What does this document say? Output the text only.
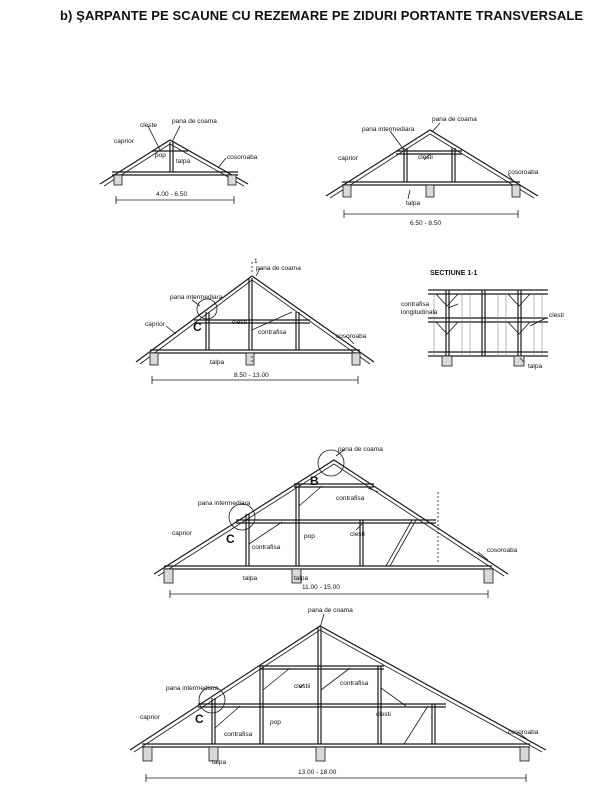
b) ŞARPANTE PE SCAUNE CU REZEMARE PE ZIDURI PORTANTE TRANSVERSALE
cleste
pana de coama
caprior
pop
talpa
cosoroaba
4.00 - 6.50
pana intermediara
pana de coama
caprior	clesti
cosoroaba
talpa
6.50 - 8.50
1
pana de coama
pana intermediara
C
caprior	clesti
contrafisa
cosoroaba
talpa
8.50 - 13.00
SECTIUNE 1-1
contrafisa
longitudinala	clesti
talpa
pana de coama
B
contrafisa
pana intermediara
clesti
caprior	C
contrafisa
pop
cosoroaba
talpa	talpa
11.00 - 15.00
pana de coama
clestii	contrafisa
pana intermediara
caprior	C
contrafisa
pop
clesti
cosoroaba
talpa
13.00 - 18.00
